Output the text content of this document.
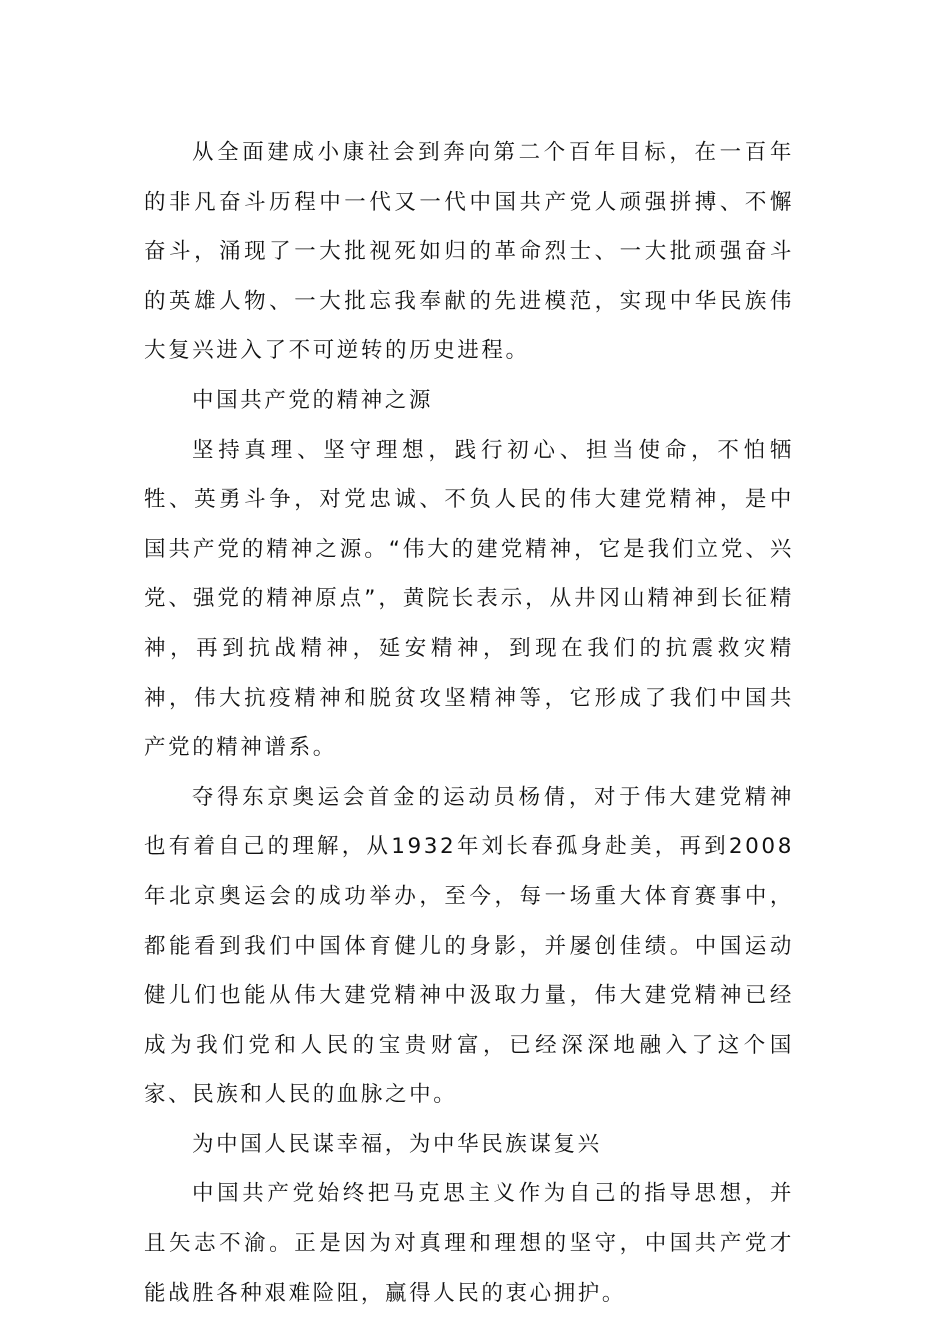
从全面建成小康社会到奔向第二个百年目标，在一百年的非凡奋斗历程中一代又一代中国共产党人顽强拼搏、不懈奋斗，涌现了一大批视死如归的革命烈士、一大批顽强奋斗的英雄人物、一大批忘我奉献的先进模范，实现中华民族伟大复兴进入了不可逆转的历史进程。

中国共产党的精神之源

坚持真理、坚守理想，践行初心、担当使命，不怕牺牲、英勇斗争，对党忠诚、不负人民的伟大建党精神，是中国共产党的精神之源。“伟大的建党精神，它是我们立党、兴党、强党的精神原点”，黄院长表示，从井冈山精神到长征精神，再到抗战精神，延安精神，到现在我们的抗震救灾精神，伟大抗疫精神和脱贫攻坚精神等，它形成了我们中国共产党的精神谱系。

夺得东京奥运会首金的运动员杨倩，对于伟大建党精神也有着自己的理解，从1932年刘长春孤身赴美，再到2008年北京奥运会的成功举办，至今，每一场重大体育赛事中，都能看到我们中国体育健儿的身影，并屡创佳绩。中国运动健儿们也能从伟大建党精神中汲取力量，伟大建党精神已经成为我们党和人民的宝贵财富，已经深深地融入了这个国家、民族和人民的血脉之中。

为中国人民谋幸福，为中华民族谋复兴

中国共产党始终把马克思主义作为自己的指导思想，并且矢志不渝。正是因为对真理和理想的坚守，中国共产党才能战胜各种艰难险阻，赢得人民的衷心拥护。
